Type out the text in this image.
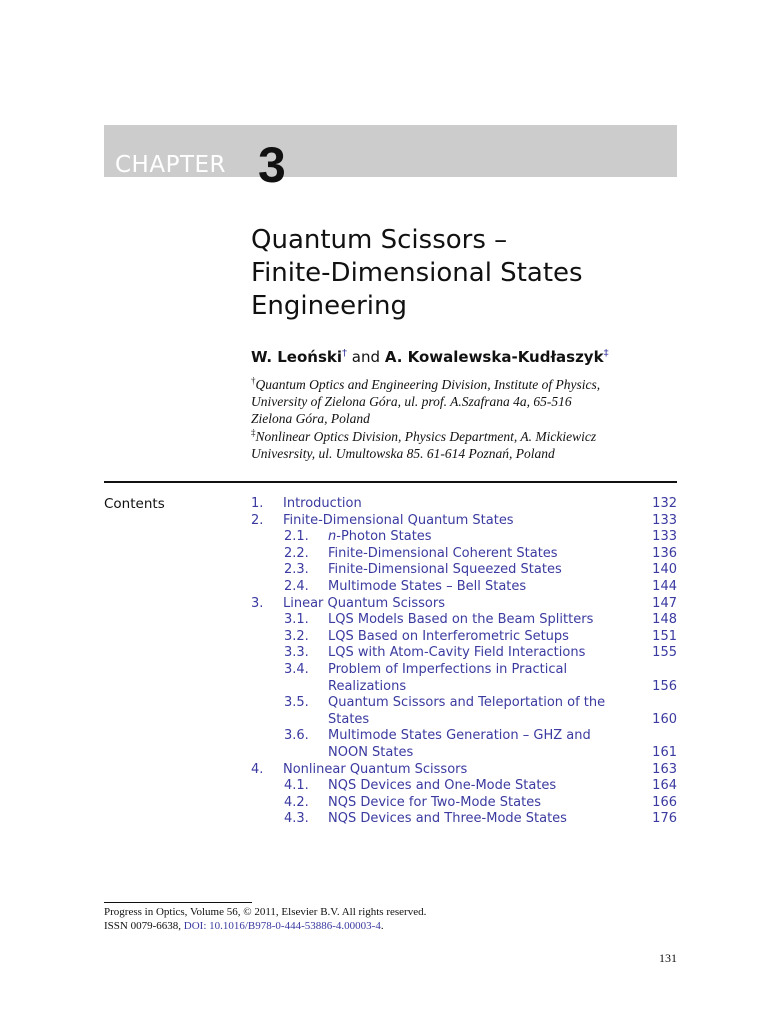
CHAPTER 3
Quantum Scissors –
Finite-Dimensional States
Engineering
W. Leoński† and A. Kowalewska-Kudłaszyk‡
†Quantum Optics and Engineering Division, Institute of Physics,
University of Zielona Góra, ul. prof. A.Szafrana 4a, 65-516
Zielona Góra, Poland
‡Nonlinear Optics Division, Physics Department, A. Mickiewicz
Univesrsity, ul. Umultowska 85. 61-614 Poznań, Poland
Contents	1. Introduction	132
2. Finite-Dimensional Quantum States	133
2.1. n-Photon States	133
2.2. Finite-Dimensional Coherent States	136
2.3. Finite-Dimensional Squeezed States	140
2.4. Multimode States – Bell States	144
3. Linear Quantum Scissors	147
3.1. LQS Models Based on the Beam Splitters	148
3.2. LQS Based on Interferometric Setups	151
3.3. LQS with Atom-Cavity Field Interactions	155
3.4. Problem of Imperfections in Practical
Realizations	156
3.5. Quantum Scissors and Teleportation of the
States	160
3.6. Multimode States Generation – GHZ and
NOON States	161
4. Nonlinear Quantum Scissors	163
4.1. NQS Devices and One-Mode States	164
4.2. NQS Device for Two-Mode States	166
4.3. NQS Devices and Three-Mode States	176
Progress in Optics, Volume 56, © 2011, Elsevier B.V. All rights reserved.
ISSN 0079-6638, DOI: 10.1016/B978-0-444-53886-4.00003-4.
131
